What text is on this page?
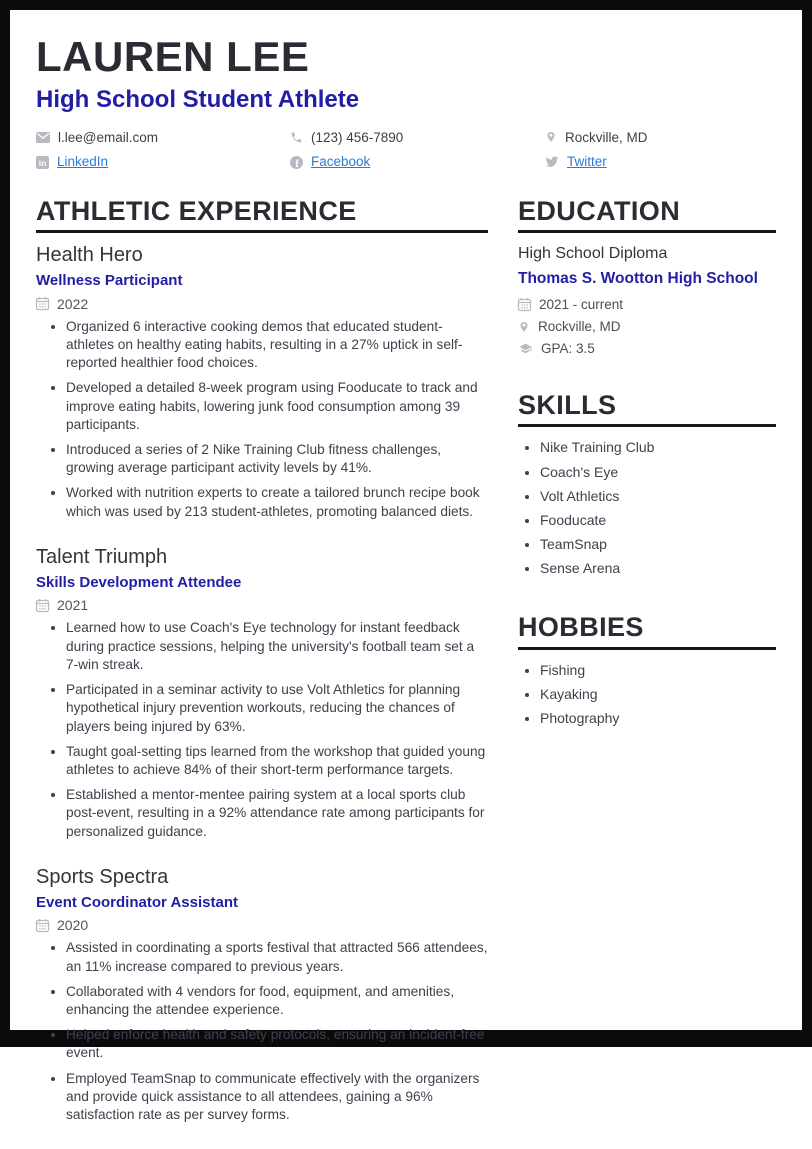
LAUREN LEE
High School Student Athlete
l.lee@email.com	(123) 456-7890	Rockville, MD
in LinkedIn	f Facebook	Twitter
ATHLETIC EXPERIENCE

Health Hero

Wellness Participant

2022
• Organized 6 interactive cooking demos that educated student-athletes on healthy eating habits, resulting in a 27% uptick in self-reported healthier food choices.
• Developed a detailed 8-week program using Fooducate to track and improve eating habits, lowering junk food consumption among 39 participants.
• Introduced a series of 2 Nike Training Club fitness challenges, growing average participant activity levels by 41%.
• Worked with nutrition experts to create a tailored brunch recipe book which was used by 213 student-athletes, promoting balanced diets.

Talent Triumph

Skills Development Attendee

2021
• Learned how to use Coach's Eye technology for instant feedback during practice sessions, helping the university's football team set a 7-win streak.
• Participated in a seminar activity to use Volt Athletics for planning hypothetical injury prevention workouts, reducing the chances of players being injured by 63%.
• Taught goal-setting tips learned from the workshop that guided young athletes to achieve 84% of their short-term performance targets.
• Established a mentor-mentee pairing system at a local sports club post-event, resulting in a 92% attendance rate among participants for personalized guidance.

Sports Spectra

Event Coordinator Assistant

2020
• Assisted in coordinating a sports festival that attracted 566 attendees, an 11% increase compared to previous years.
• Collaborated with 4 vendors for food, equipment, and amenities, enhancing the attendee experience.
• Helped enforce health and safety protocols, ensuring an incident-free event.
• Employed TeamSnap to communicate effectively with the organizers and provide quick assistance to all attendees, gaining a 96% satisfaction rate as per survey forms.
EDUCATION

High School Diploma

Thomas S. Wootton High School

2021 - current
Rockville, MD
GPA: 3.5
SKILLS
• Nike Training Club
• Coach's Eye
• Volt Athletics
• Fooducate
• TeamSnap
• Sense Arena
HOBBIES
• Fishing
• Kayaking
• Photography
